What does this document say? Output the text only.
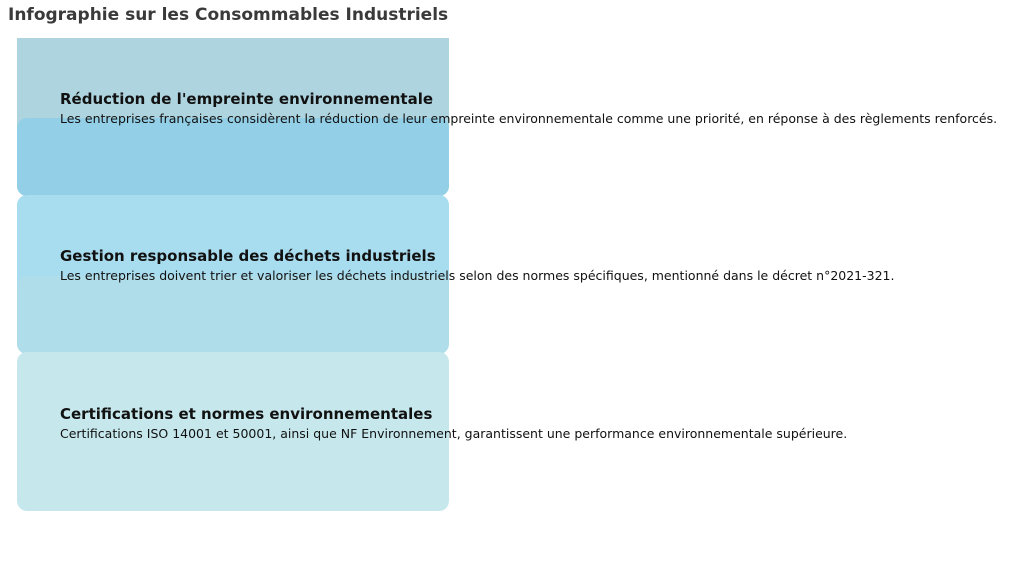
Infographie sur les Consommables Industriels
Réduction de l'empreinte environnementale
Les entreprises françaises considèrent la réduction de leur empreinte environnementale comme une priorité, en réponse à des règlements renforcés.
Gestion responsable des déchets industriels
Les entreprises doivent trier et valoriser les déchets industriels selon des normes spécifiques, mentionné dans le décret n°2021-321.
Certifications et normes environnementales
Certifications ISO 14001 et 50001, ainsi que NF Environnement, garantissent une performance environnementale supérieure.
